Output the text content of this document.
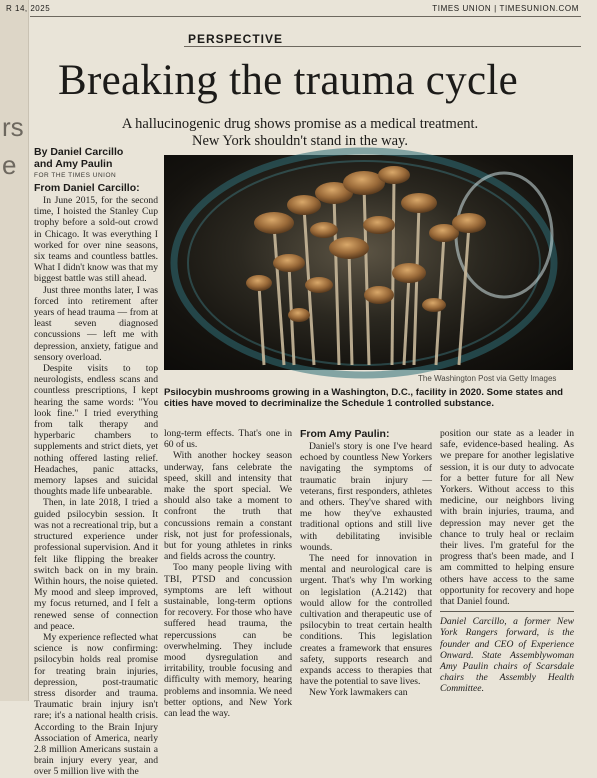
rs
e
R 14, 2025	TIMES UNION | TIMESUNION.COM
PERSPECTIVE
Breaking the trauma cycle
A hallucinogenic drug shows promise as a medical treatment. New York shouldn't stand in the way.
By Daniel Carcillo
and Amy Paulin
FOR THE TIMES UNION
The Washington Post via Getty Images
Psilocybin mushrooms growing in a Washington, D.C., facility in 2020. Some states and cities have moved to decriminalize the Schedule 1 controlled substance.
From Daniel Carcillo:

In June 2015, for the second time, I hoisted the Stanley Cup trophy before a sold-out crowd in Chicago. It was everything I worked for over nine seasons, six teams and countless battles. What I didn't know was that my biggest battle was still ahead.

Just three months later, I was forced into retirement after years of head trauma — from at least seven diagnosed concussions — left me with depression, anxiety, fatigue and sensory overload.

Despite visits to top neurologists, endless scans and countless prescriptions, I kept hearing the same words: "You look fine." I tried everything from talk therapy and hyperbaric chambers to supplements and strict diets, yet nothing offered lasting relief. Headaches, panic attacks, memory lapses and suicidal thoughts made life unbearable.

Then, in late 2018, I tried a guided psilocybin session. It was not a recreational trip, but a structured experience under professional supervision. And it felt like flipping the breaker switch back on in my brain. Within hours, the noise quieted. My mood and sleep improved, my focus returned, and I felt a renewed sense of connection and peace.

My experience reflected what science is now confirming: psilocybin holds real promise for treating brain injuries, depression, post-traumatic stress disorder and trauma. Traumatic brain injury isn't rare; it's a national health crisis. According to the Brain Injury Association of America, nearly 2.8 million Americans sustain a brain injury every year, and over 5 million live with the

long-term effects. That's one in 60 of us.

With another hockey season underway, fans celebrate the speed, skill and intensity that make the sport special. We should also take a moment to confront the truth that concussions remain a constant risk, not just for professionals, but for young athletes in rinks and fields across the country.

Too many people living with TBI, PTSD and concussion symptoms are left without sustainable, long-term options for recovery. For those who have suffered head trauma, the repercussions can be overwhelming. They include mood dysregulation and irritability, trouble focusing and difficulty with memory, hearing problems and insomnia. We need better options, and New York can lead the way.

From Amy Paulin:

Daniel's story is one I've heard echoed by countless New Yorkers navigating the symptoms of traumatic brain injury — veterans, first responders, athletes and others. They've shared with me how they've exhausted traditional options and still live with debilitating invisible wounds.

The need for innovation in mental and neurological care is urgent. That's why I'm working on legislation (A.2142) that would allow for the controlled cultivation and therapeutic use of psilocybin to treat certain health conditions. This legislation creates a framework that ensures safety, supports research and expands access to therapies that have the potential to save lives.

New York lawmakers can

position our state as a leader in safe, evidence-based healing. As we prepare for another legislative session, it is our duty to advocate for a better future for all New Yorkers. Without access to this medicine, our neighbors living with brain injuries, trauma, and depression may never get the chance to truly heal or reclaim their lives. I'm grateful for the progress that's been made, and I am committed to helping ensure others have access to the same opportunity for recovery and hope that Daniel found.

Daniel Carcillo, a former New York Rangers forward, is the founder and CEO of Experience Onward. State Assemblywoman Amy Paulin chairs of Scarsdale chairs the Assembly Health Committee.
